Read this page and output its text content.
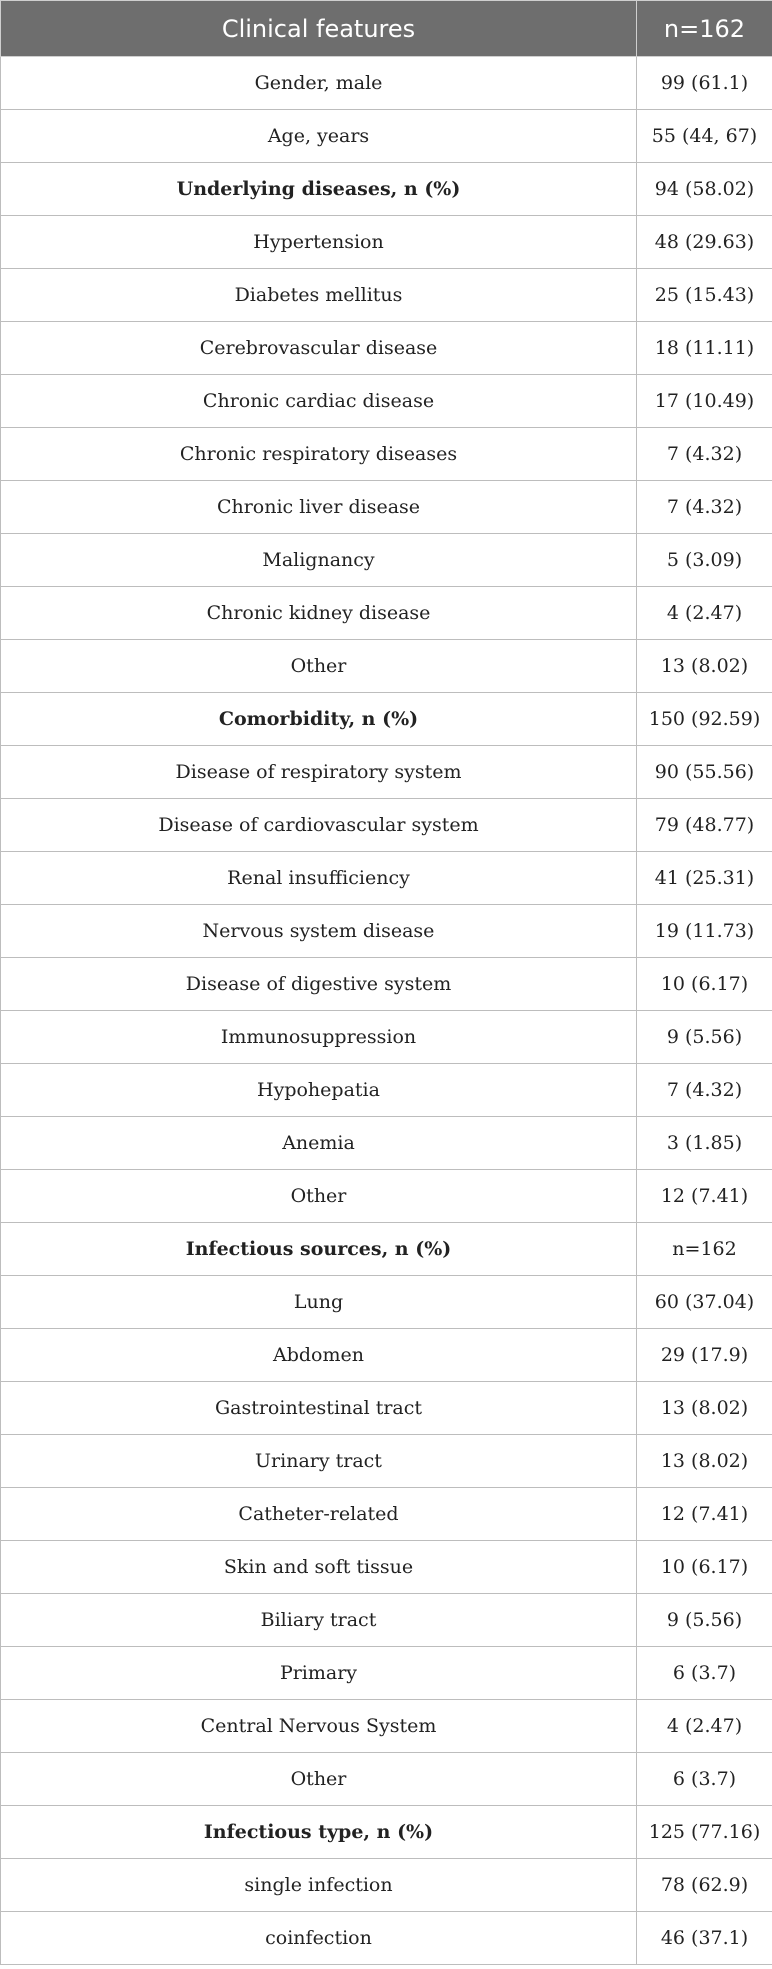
Clinical features	n=162
Gender, male	99 (61.1)
Age, years	55 (44, 67)
Underlying diseases, n (%)	94 (58.02)
Hypertension	48 (29.63)
Diabetes mellitus	25 (15.43)
Cerebrovascular disease	18 (11.11)
Chronic cardiac disease	17 (10.49)
Chronic respiratory diseases	7 (4.32)
Chronic liver disease	7 (4.32)
Malignancy	5 (3.09)
Chronic kidney disease	4 (2.47)
Other	13 (8.02)
Comorbidity, n (%)	150 (92.59)
Disease of respiratory system	90 (55.56)
Disease of cardiovascular system	79 (48.77)
Renal insufficiency	41 (25.31)
Nervous system disease	19 (11.73)
Disease of digestive system	10 (6.17)
Immunosuppression	9 (5.56)
Hypohepatia	7 (4.32)
Anemia	3 (1.85)
Other	12 (7.41)
Infectious sources, n (%)	n=162
Lung	60 (37.04)
Abdomen	29 (17.9)
Gastrointestinal tract	13 (8.02)
Urinary tract	13 (8.02)
Catheter-related	12 (7.41)
Skin and soft tissue	10 (6.17)
Biliary tract	9 (5.56)
Primary	6 (3.7)
Central Nervous System	4 (2.47)
Other	6 (3.7)
Infectious type, n (%)	125 (77.16)
single infection	78 (62.9)
coinfection	46 (37.1)
